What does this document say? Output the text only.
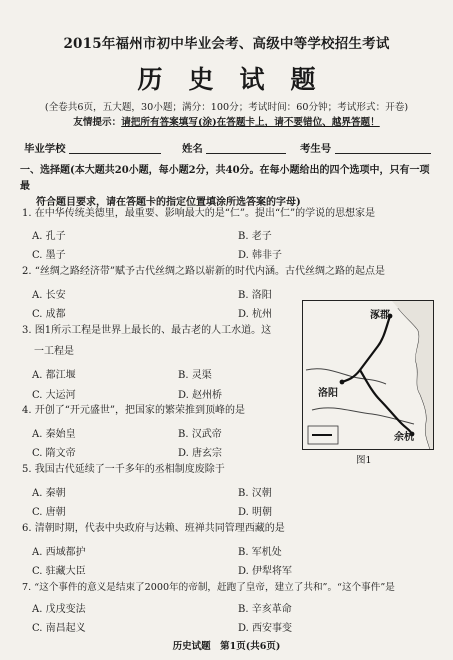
2015年福州市初中毕业会考、高级中等学校招生考试
历史试题
(全卷共6页，五大题，30小题；满分：100分；考试时间：60分钟；考试形式：开卷)
友情提示：请把所有答案填写(涂)在答题卡上，请不要错位、越界答题！
毕业学校	姓名	考生号
一、选择题(本大题共20小题，每小题2分，共40分。在每小题给出的四个选项中，只有一项最
符合题目要求，请在答题卡的指定位置填涂所选答案的字母)
1. 在中华传统美德里，最重要、影响最大的是“仁”。提出“仁”的学说的思想家是
A. 孔子	B. 老子
C. 墨子	D. 韩非子
2. “丝绸之路经济带”赋予古代丝绸之路以崭新的时代内涵。古代丝绸之路的起点是
A. 长安	B. 洛阳
C. 成都	D. 杭州
3. 图1所示工程是世界上最长的、最古老的人工水道。这
一工程是
A. 都江堰	B. 灵渠
C. 大运河	D. 赵州桥
涿郡
洛阳
余杭
图1
4. 开创了“开元盛世”，把国家的繁荣推到顶峰的是
A. 秦始皇	B. 汉武帝
C. 隋文帝	D. 唐玄宗
5. 我国古代延续了一千多年的丞相制度废除于
A. 秦朝	B. 汉朝
C. 唐朝	D. 明朝
6. 清朝时期，代表中央政府与达赖、班禅共同管理西藏的是
A. 西域都护	B. 军机处
C. 驻藏大臣	D. 伊犁将军
7. “这个事件的意义是结束了2000年的帝制，赶跑了皇帝，建立了共和”。“这个事件”是
A. 戊戌变法	B. 辛亥革命
C. 南昌起义	D. 西安事变
历史试题　第1页(共6页)
